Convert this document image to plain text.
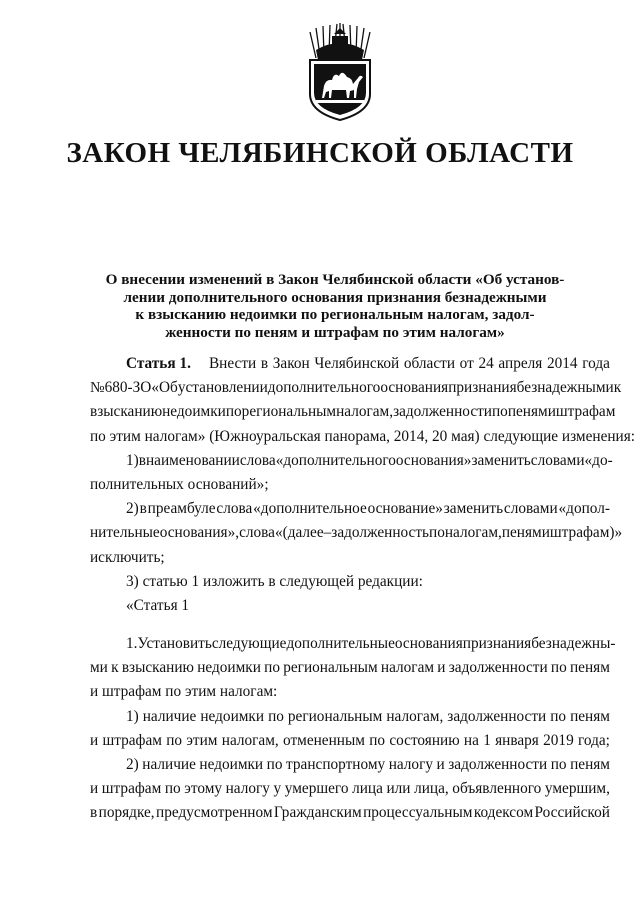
ЗАКОН ЧЕЛЯБИНСКОЙ ОБЛАСТИ
О внесении изменений в Закон Челябинской области «Об установ-
лении дополнительного основания признания безнадежными
к взысканию недоимки по региональным налогам, задол-
женности по пеням и штрафам по этим налогам»
Статья 1. Внести в Закон Челябинской области от 24 апреля 2014 года
№ 680-ЗО «Об установлении дополнительного основания признания безнадежными к
взысканию недоимки по региональным налогам, задолженности по пеням и штрафам
по этим налогам» (Южноуральская панорама, 2014, 20 мая) следующие изменения:
1) в наименовании слова «дополнительного основания» заменить словами «до-
полнительных оснований»;
2) в преамбуле слова «дополнительное основание» заменить словами «допол-
нительные основания», слова «(далее – задолженность по налогам, пеням и штрафам)»
исключить;
3) статью 1 изложить в следующей редакции:
«Статья 1
1. Установить следующие дополнительные основания признания безнадежны-
ми к взысканию недоимки по региональным налогам и задолженности по пеням
и штрафам по этим налогам:
1) наличие недоимки по региональным налогам, задолженности по пеням
и штрафам по этим налогам, отмененным по состоянию на 1 января 2019 года;
2) наличие недоимки по транспортному налогу и задолженности по пеням
и штрафам по этому налогу у умершего лица или лица, объявленного умершим,
в порядке, предусмотренном Гражданским процессуальным кодексом Российской
